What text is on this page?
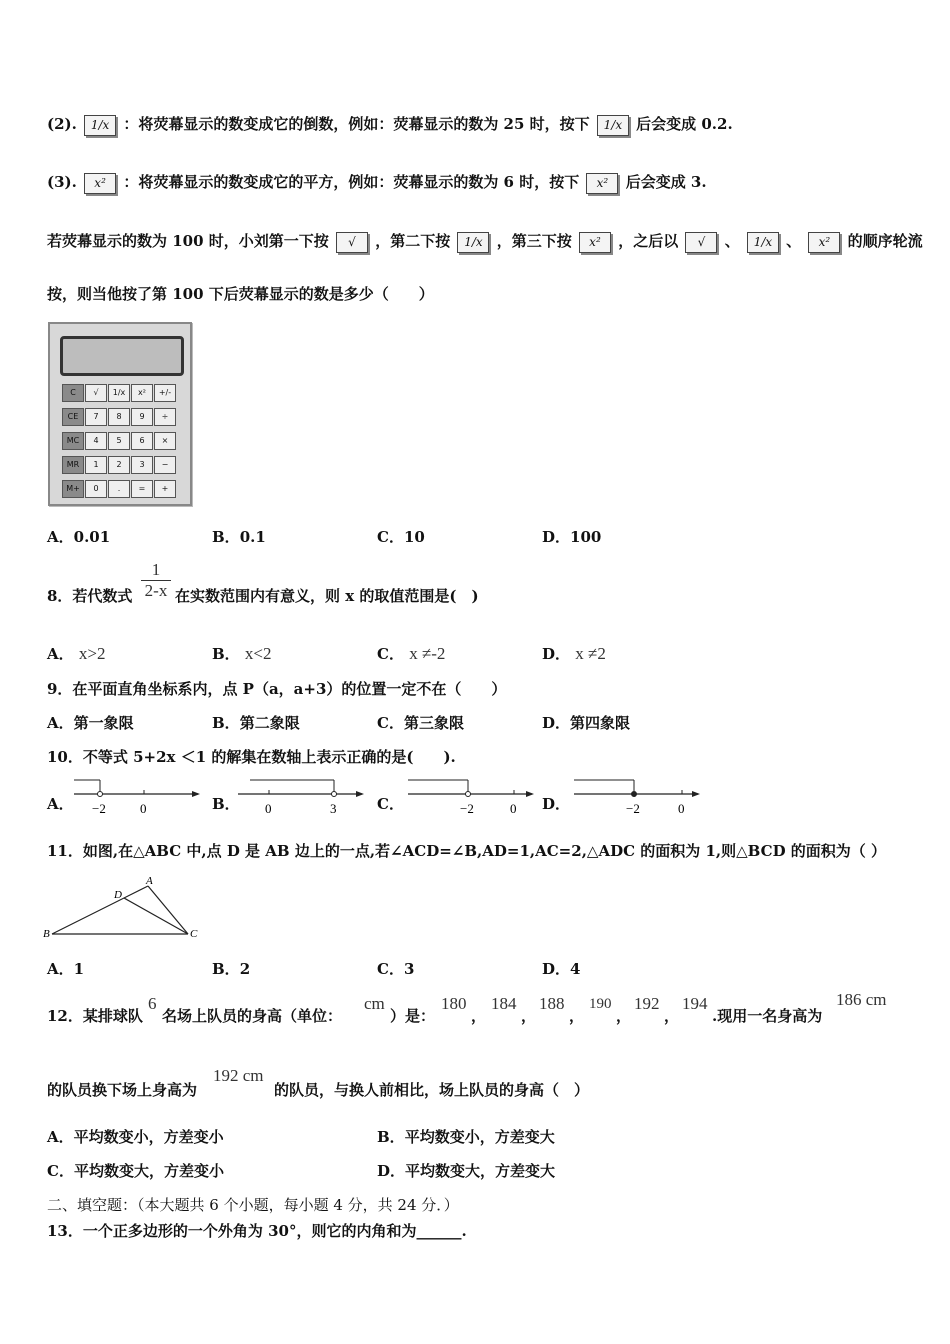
(2). 1/x ：将荧幕显示的数变成它的倒数，例如：荧幕显示的数为 25 时，按下 1/x 后会变成 0.2.
(3). x² ：将荧幕显示的数变成它的平方，例如：荧幕显示的数为 6 时，按下 x² 后会变成 3.
若荧幕显示的数为 100 时，小刘第一下按 √ ，第二下按 1/x ，第三下按 x² ，之后以 √ 、 1/x 、 x² 的顺序轮流
按，则当他按了第 100 下后荧幕显示的数是多少（　　）
C	√	1/x	x²	+/-
CE	7	8	9	÷
MC	4	5	6	×
MR	1	2	3	−
M+	0	.	=	+
A．0.01	B．0.1	C．10	D．100
8．若代数式 $\frac{1}{2-x}$ 在实数范围内有意义，则 x 的取值范围是(　)
A． x>2	B． x<2	C． x ≠-2	D． x ≠2
9．在平面直角坐标系内，点 P（a，a+3）的位置一定不在（　　）
A．第一象限	B．第二象限	C．第三象限	D．第四象限
10．不等式 5+2x ＜1 的解集在数轴上表示正确的是(　　).
A． −2	0	B． 0	3	C．	−2	0 D．	−2	0
11．如图,在△ABC 中,点 D 是 AB 边上的一点,若∠ACD=∠B,AD=1,AC=2,△ADC 的面积为 1,则△BCD 的面积为（ ）
A
B	C
D
A．1	B．2	C．3	D．4
12．某排球队
6
名场上队员的身高（单位：
cm
）是：
180
，
184
，
188
，
190
，
192
，
194
.现用一名身高为
186 cm
的队员换下场上身高为
192 cm
的队员，与换人前相比，场上队员的身高（　）
A．平均数变小，方差变小	B．平均数变小，方差变大
C．平均数变大，方差变小	D．平均数变大，方差变大
二、填空题：（本大题共 6 个小题，每小题 4 分，共 24 分．）
13．一个正多边形的一个外角为 30°，则它的内角和为______.
